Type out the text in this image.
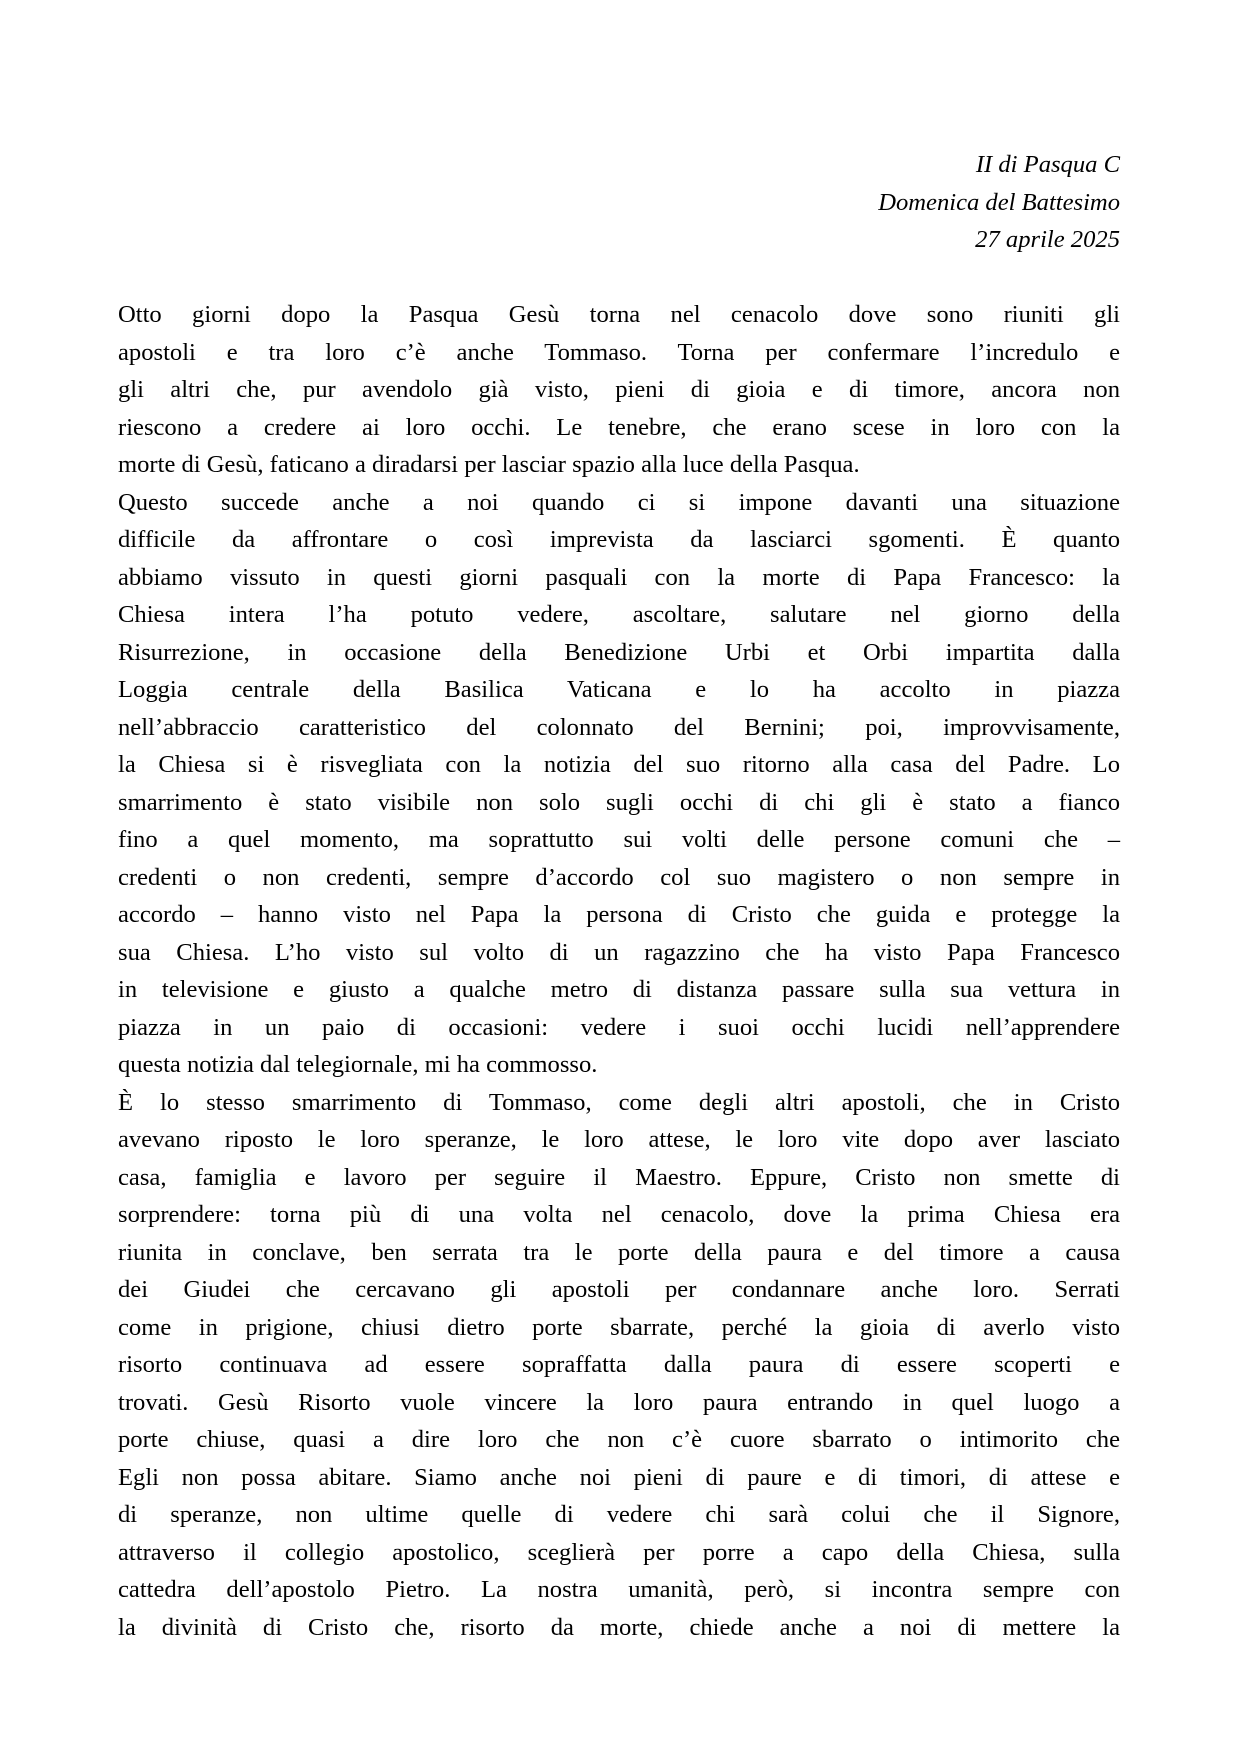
II di Pasqua C
Domenica del Battesimo
27 aprile 2025
Otto giorni dopo la Pasqua Gesù torna nel cenacolo dove sono riuniti gli
apostoli e tra loro c’è anche Tommaso. Torna per confermare l’incredulo e
gli altri che, pur avendolo già visto, pieni di gioia e di timore, ancora non
riescono a credere ai loro occhi. Le tenebre, che erano scese in loro con la
morte di Gesù, faticano a diradarsi per lasciar spazio alla luce della Pasqua.
Questo succede anche a noi quando ci si impone davanti una situazione
difficile da affrontare o così imprevista da lasciarci sgomenti. È quanto
abbiamo vissuto in questi giorni pasquali con la morte di Papa Francesco: la
Chiesa intera l’ha potuto vedere, ascoltare, salutare nel giorno della
Risurrezione, in occasione della Benedizione Urbi et Orbi impartita dalla
Loggia centrale della Basilica Vaticana e lo ha accolto in piazza
nell’abbraccio caratteristico del colonnato del Bernini; poi, improvvisamente,
la Chiesa si è risvegliata con la notizia del suo ritorno alla casa del Padre. Lo
smarrimento è stato visibile non solo sugli occhi di chi gli è stato a fianco
fino a quel momento, ma soprattutto sui volti delle persone comuni che –
credenti o non credenti, sempre d’accordo col suo magistero o non sempre in
accordo – hanno visto nel Papa la persona di Cristo che guida e protegge la
sua Chiesa. L’ho visto sul volto di un ragazzino che ha visto Papa Francesco
in televisione e giusto a qualche metro di distanza passare sulla sua vettura in
piazza in un paio di occasioni: vedere i suoi occhi lucidi nell’apprendere
questa notizia dal telegiornale, mi ha commosso.
È lo stesso smarrimento di Tommaso, come degli altri apostoli, che in Cristo
avevano riposto le loro speranze, le loro attese, le loro vite dopo aver lasciato
casa, famiglia e lavoro per seguire il Maestro. Eppure, Cristo non smette di
sorprendere: torna più di una volta nel cenacolo, dove la prima Chiesa era
riunita in conclave, ben serrata tra le porte della paura e del timore a causa
dei Giudei che cercavano gli apostoli per condannare anche loro. Serrati
come in prigione, chiusi dietro porte sbarrate, perché la gioia di averlo visto
risorto continuava ad essere sopraffatta dalla paura di essere scoperti e
trovati. Gesù Risorto vuole vincere la loro paura entrando in quel luogo a
porte chiuse, quasi a dire loro che non c’è cuore sbarrato o intimorito che
Egli non possa abitare. Siamo anche noi pieni di paure e di timori, di attese e
di speranze, non ultime quelle di vedere chi sarà colui che il Signore,
attraverso il collegio apostolico, sceglierà per porre a capo della Chiesa, sulla
cattedra dell’apostolo Pietro. La nostra umanità, però, si incontra sempre con
la divinità di Cristo che, risorto da morte, chiede anche a noi di mettere la
